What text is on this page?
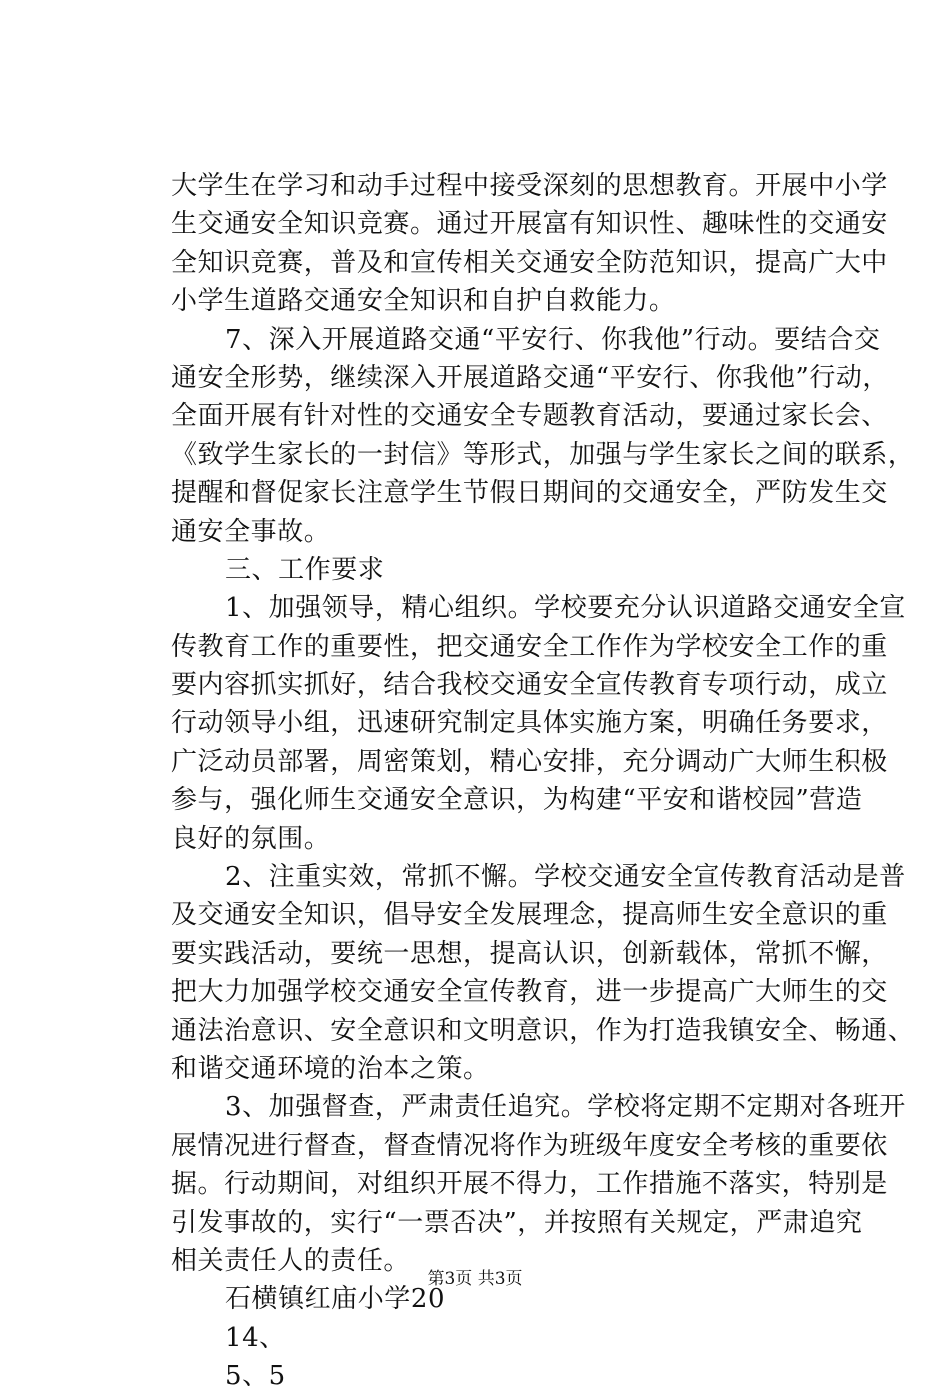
大学生在学习和动手过程中接受深刻的思想教育。开展中小学
生交通安全知识竞赛。通过开展富有知识性、趣味性的交通安
全知识竞赛，普及和宣传相关交通安全防范知识，提高广大中
小学生道路交通安全知识和自护自救能力。
7、深入开展道路交通“平安行、你我他”行动。要结合交
通安全形势，继续深入开展道路交通“平安行、你我他”行动，
全面开展有针对性的交通安全专题教育活动，要通过家长会、
《致学生家长的一封信》等形式，加强与学生家长之间的联系，
提醒和督促家长注意学生节假日期间的交通安全，严防发生交
通安全事故。
三、工作要求
1、加强领导，精心组织。学校要充分认识道路交通安全宣
传教育工作的重要性，把交通安全工作作为学校安全工作的重
要内容抓实抓好，结合我校交通安全宣传教育专项行动，成立
行动领导小组，迅速研究制定具体实施方案，明确任务要求，
广泛动员部署，周密策划，精心安排，充分调动广大师生积极
参与，强化师生交通安全意识，为构建“平安和谐校园”营造
良好的氛围。
2、注重实效，常抓不懈。学校交通安全宣传教育活动是普
及交通安全知识，倡导安全发展理念，提高师生安全意识的重
要实践活动，要统一思想，提高认识，创新载体，常抓不懈，
把大力加强学校交通安全宣传教育，进一步提高广大师生的交
通法治意识、安全意识和文明意识，作为打造我镇安全、畅通、
和谐交通环境的治本之策。
3、加强督查，严肃责任追究。学校将定期不定期对各班开
展情况进行督查，督查情况将作为班级年度安全考核的重要依
据。行动期间，对组织开展不得力，工作措施不落实，特别是
引发事故的，实行“一票否决”，并按照有关规定，严肃追究
相关责任人的责任。
石横镇红庙小学20
14、
5、5
第3页 共3页
